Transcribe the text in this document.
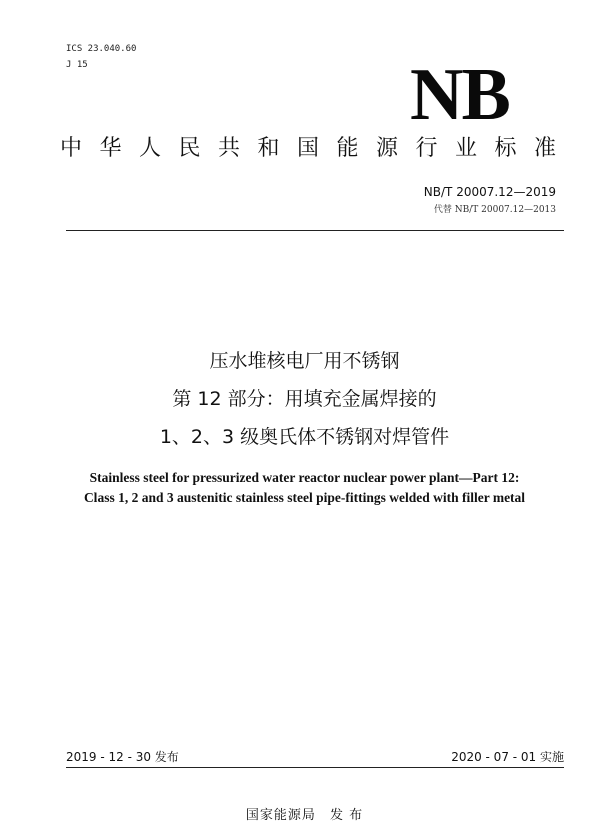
ICS 23.040.60
J 15	NB
中华人民共和国能源行业标准
NB/T 20007.12—2019
代替 NB/T 20007.12—2013
压水堆核电厂用不锈钢
第 12 部分：用填充金属焊接的
1、2、3 级奥氏体不锈钢对焊管件
Stainless steel for pressurized water reactor nuclear power plant—Part 12:
Class 1, 2 and 3 austenitic stainless steel pipe-fittings welded with filler metal
2019 - 12 - 30 发布	2020 - 07 - 01 实施
国家能源局 发 布
